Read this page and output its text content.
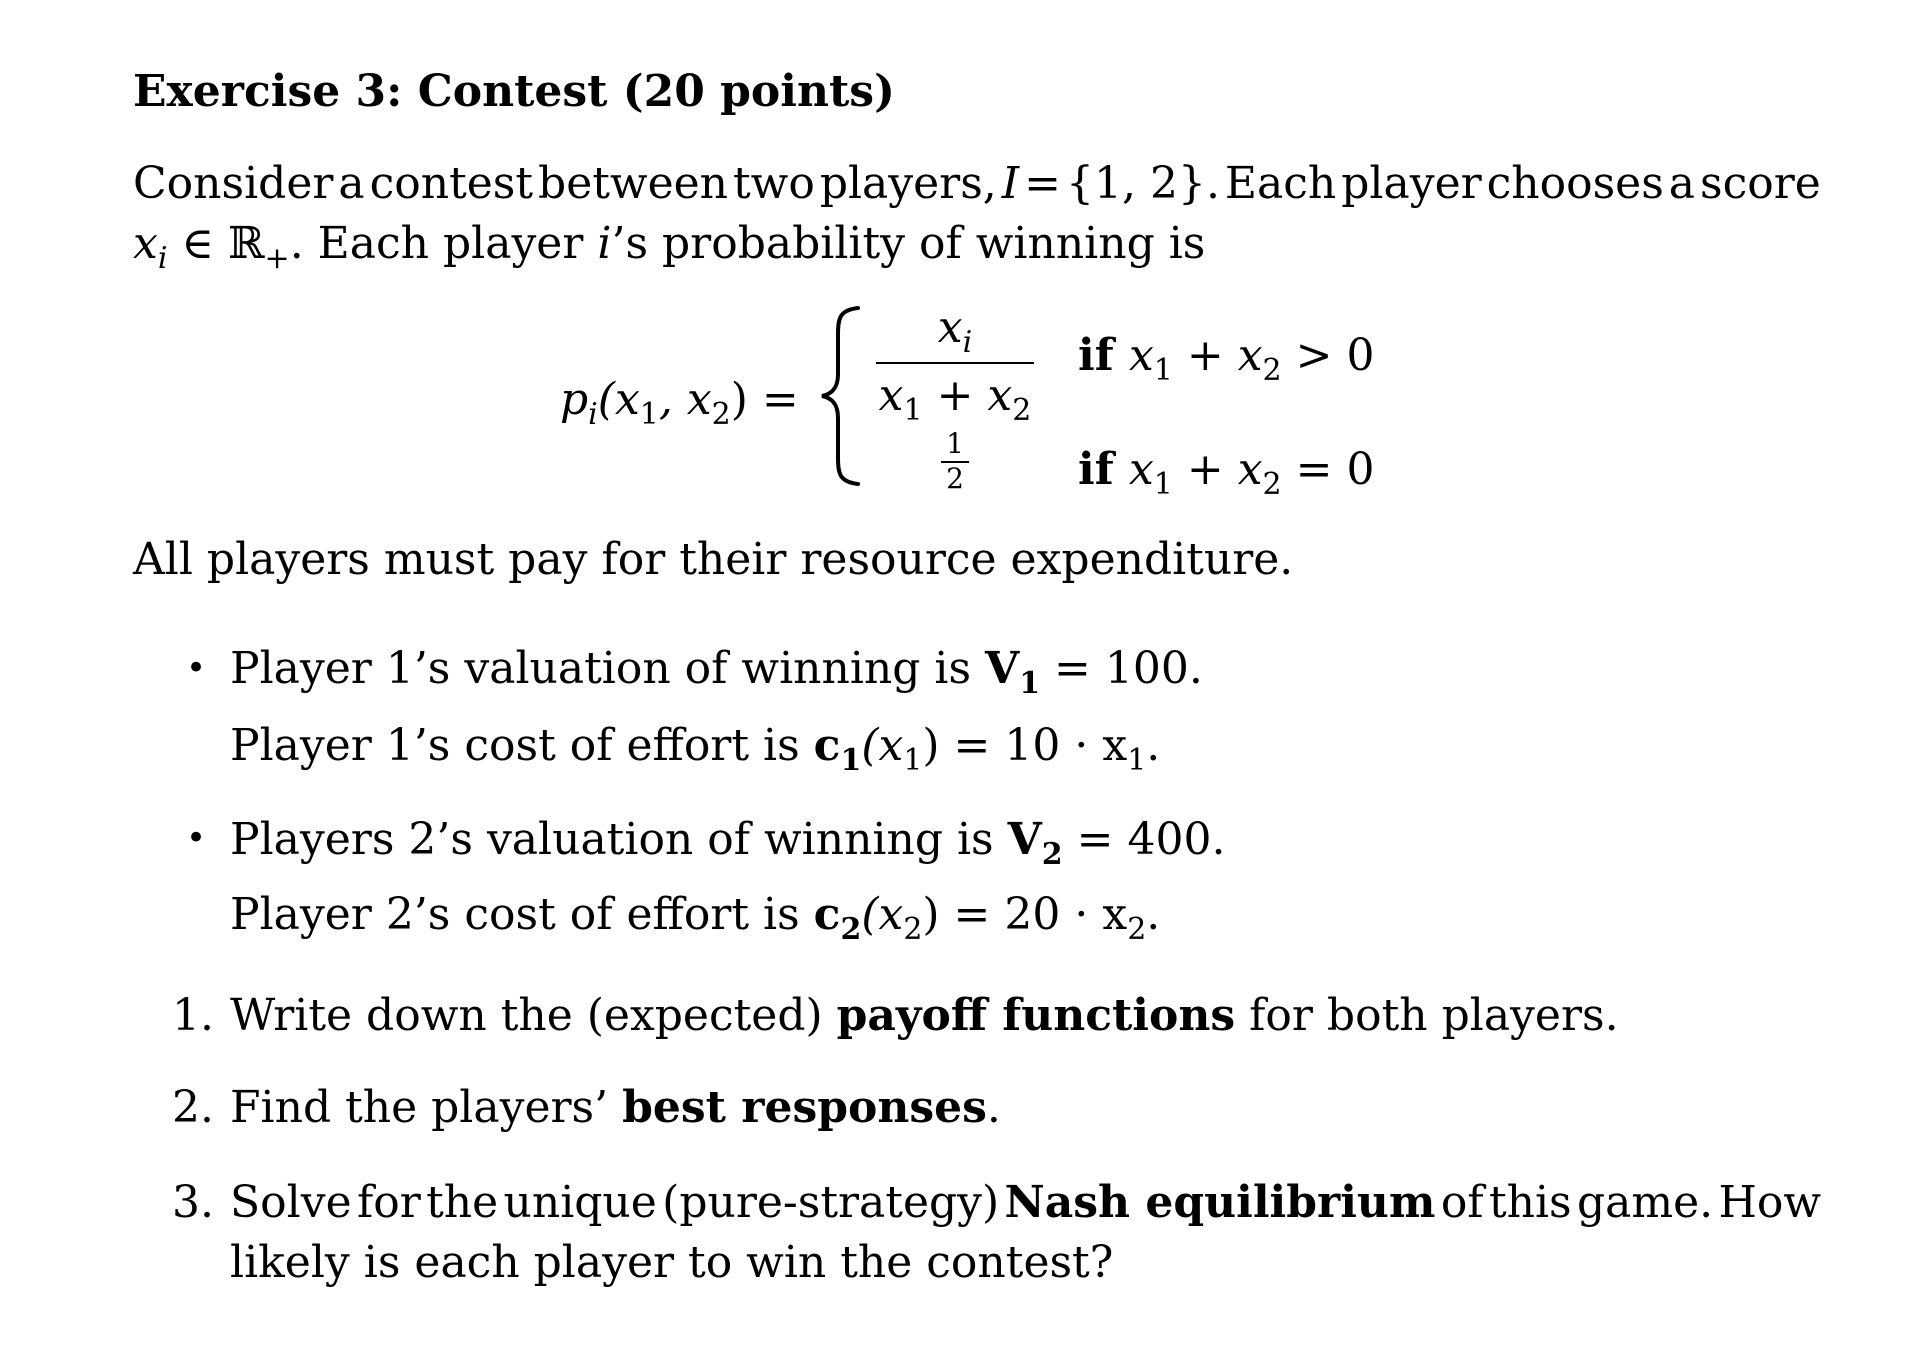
Exercise 3: Contest (20 points)
Consider a contest between two players, I = {1, 2}. Each player chooses a score
$x_i$ ∈ ℝ$_+$. Each player i’s probability of winning is
$p_i(x_1$, $x_2$) =
$x_i$
$x_1 + x_2$
if $x_1 + x_2 > 0$
1
2	if $x_1 + x_2 = 0$
All players must pay for their resource expenditure.
• Player 1’s valuation of winning is $V_1 = 100$.
Player 1’s cost of effort is $c_1(x_1) = 10 \cdot x_1$.
• Players 2’s valuation of winning is $V_2 = 400$.
Player 2’s cost of effort is $c_2(x_2) = 20 \cdot x_2$.
1. Write down the (expected) payoff functions for both players.
2. Find the players’ best responses.
3. Solve for the unique (pure-strategy) Nash equilibrium of this game. How
likely is each player to win the contest?
